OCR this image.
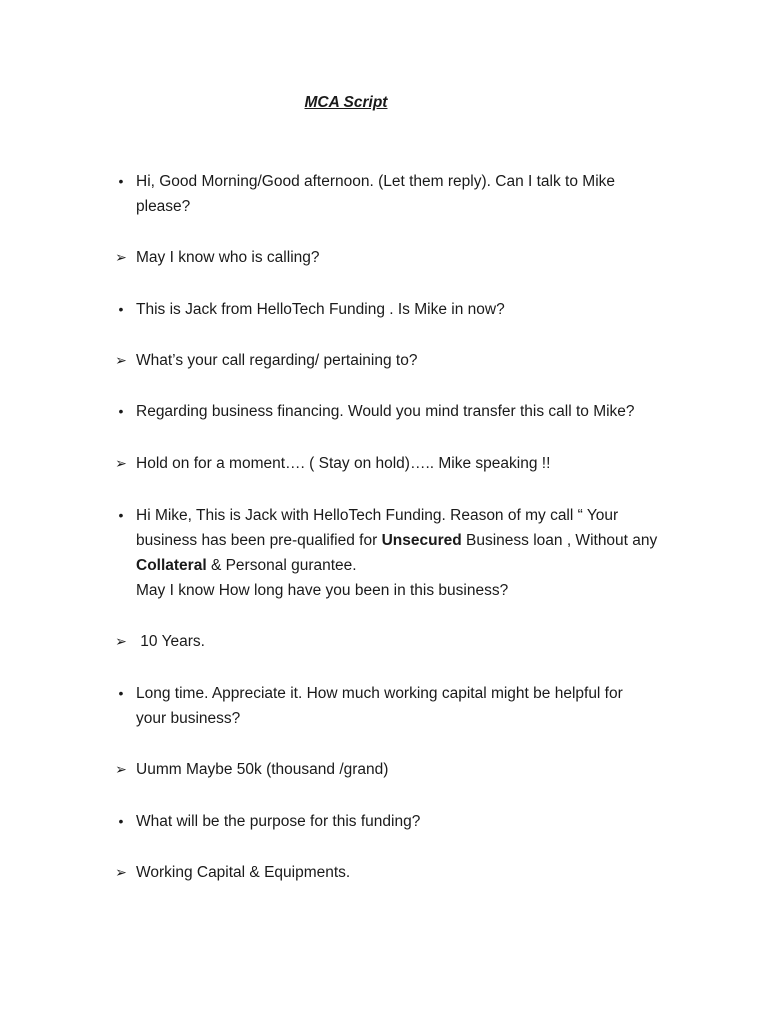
MCA Script
• Hi, Good Morning/Good afternoon. (Let them reply). Can I talk to Mike
please?
➢ May I know who is calling?
• This is Jack from HelloTech Funding . Is Mike in now?
➢ What’s your call regarding/ pertaining to?
• Regarding business financing. Would you mind transfer this call to Mike?
➢ Hold on for a moment…. ( Stay on hold)….. Mike speaking !!
• Hi Mike, This is Jack with HelloTech Funding. Reason of my call “ Your
business has been pre-qualified for Unsecured Business loan , Without any
Collateral & Personal gurantee.
May I know How long have you been in this business?
➢ 10 Years.
• Long time. Appreciate it. How much working capital might be helpful for
your business?
➢ Uumm Maybe 50k (thousand /grand)
• What will be the purpose for this funding?
➢ Working Capital & Equipments.
